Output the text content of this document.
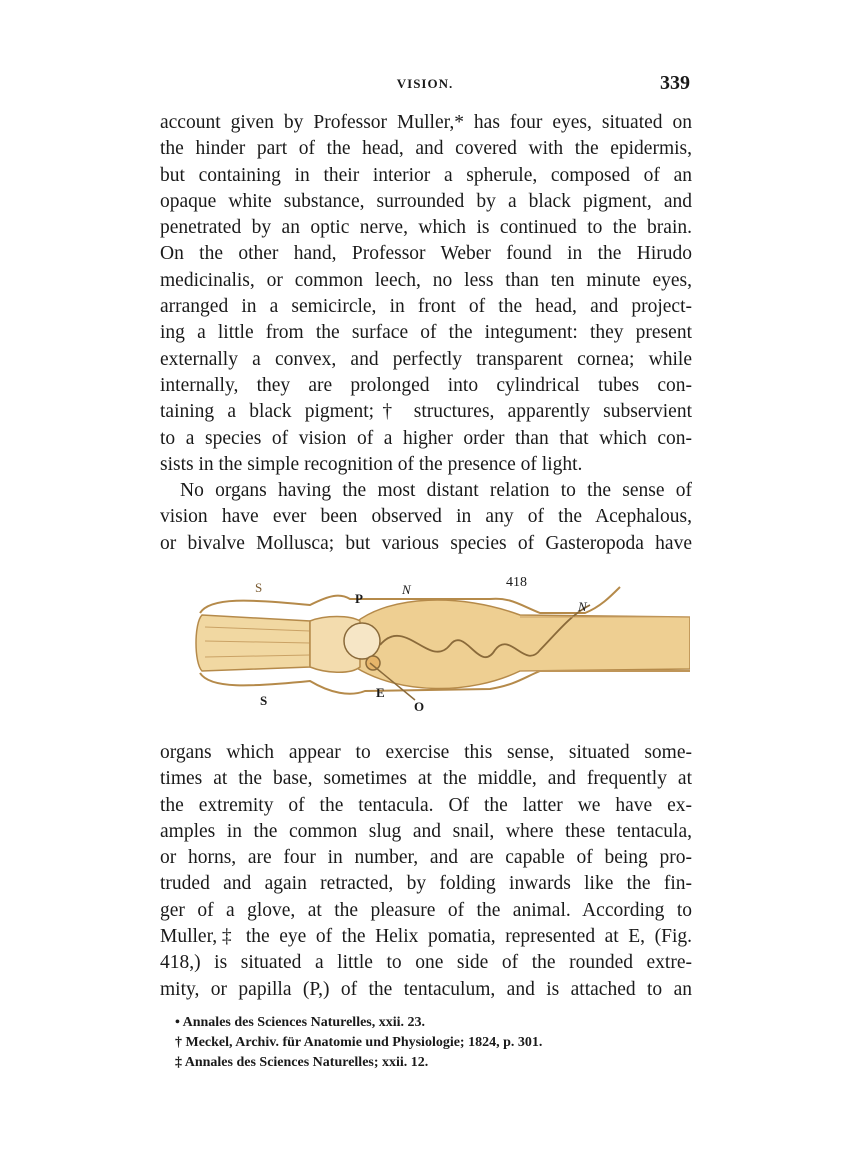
VISION.	339
account given by Professor Muller,* has four eyes, situated on
the hinder part of the head, and covered with the epidermis,
but containing in their interior a spherule, composed of an
opaque white substance, surrounded by a black pigment, and
penetrated by an optic nerve, which is continued to the brain.
On the other hand, Professor Weber found in the Hirudo
medicinalis, or common leech, no less than ten minute eyes,
arranged in a semicircle, in front of the head, and project-
ing a little from the surface of the integument: they present
externally a convex, and perfectly transparent cornea; while
internally, they are prolonged into cylindrical tubes con-
taining a black pigment;† structures, apparently subservient
to a species of vision of a higher order than that which con-
sists in the simple recognition of the presence of light.
No organs having the most distant relation to the sense of
vision have ever been observed in any of the Acephalous,
or bivalve Mollusca; but various species of Gasteropoda have
S
P
N	418
N
S
E
O
organs which appear to exercise this sense, situated some-
times at the base, sometimes at the middle, and frequently at
the extremity of the tentacula. Of the latter we have ex-
amples in the common slug and snail, where these tentacula,
or horns, are four in number, and are capable of being pro-
truded and again retracted, by folding inwards like the fin-
ger of a glove, at the pleasure of the animal. According to
Muller,‡ the eye of the Helix pomatia, represented at E, (Fig.
418,) is situated a little to one side of the rounded extre-
mity, or papilla (P,) of the tentaculum, and is attached to an
• Annales des Sciences Naturelles, xxii. 23.
† Meckel, Archiv. für Anatomie und Physiologie; 1824, p. 301.
‡ Annales des Sciences Naturelles; xxii. 12.
